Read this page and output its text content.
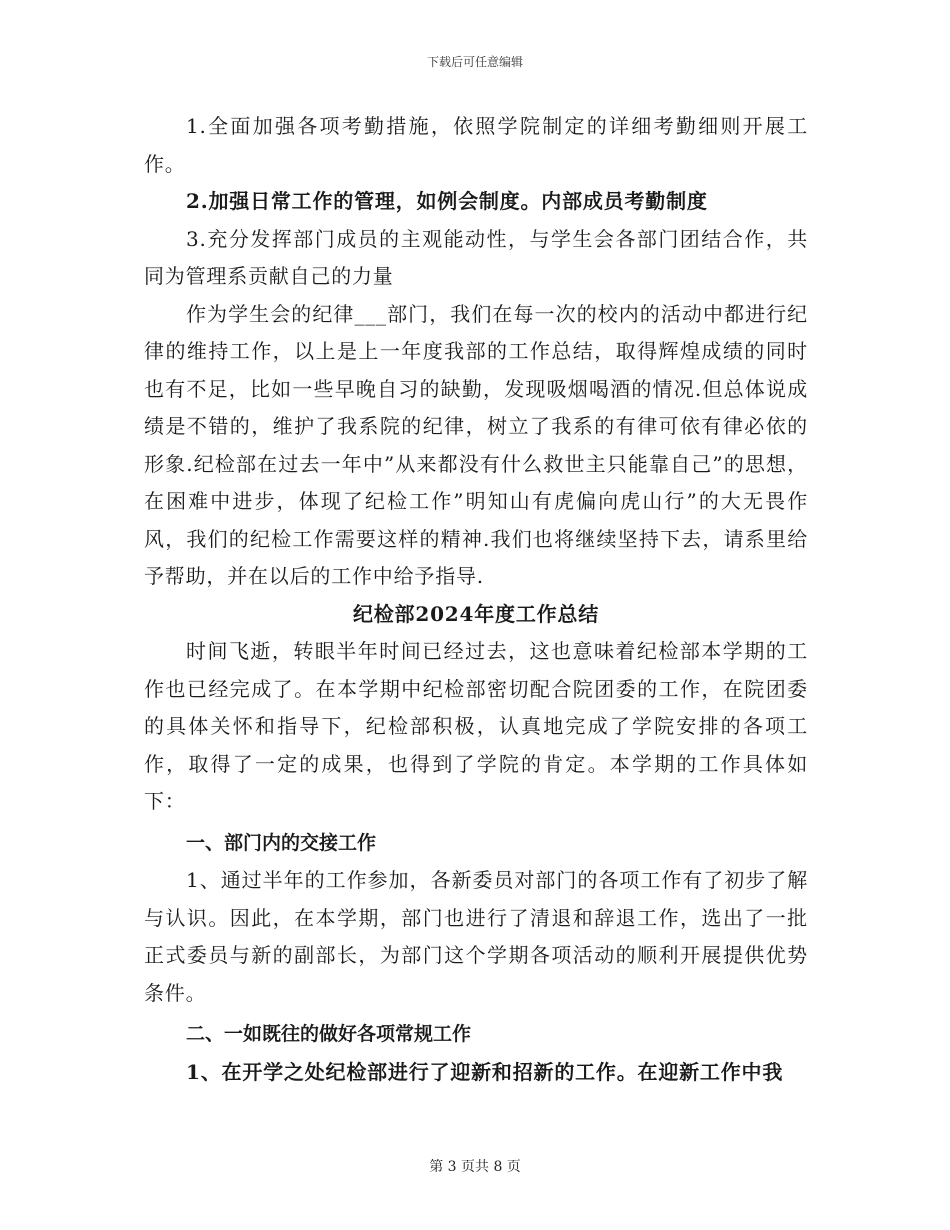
下载后可任意编辑

1.全面加强各项考勤措施，依照学院制定的详细考勤细则开展工作。

2.加强日常工作的管理，如例会制度。内部成员考勤制度

3.充分发挥部门成员的主观能动性，与学生会各部门团结合作，共同为管理系贡献自己的力量

作为学生会的纪律___部门，我们在每一次的校内的活动中都进行纪律的维持工作，以上是上一年度我部的工作总结，取得辉煌成绩的同时也有不足，比如一些早晚自习的缺勤，发现吸烟喝酒的情况.但总体说成绩是不错的，维护了我系院的纪律，树立了我系的有律可依有律必依的形象.纪检部在过去一年中”从来都没有什么救世主只能靠自己”的思想，在困难中进步，体现了纪检工作”明知山有虎偏向虎山行”的大无畏作风，我们的纪检工作需要这样的精神.我们也将继续坚持下去，请系里给予帮助，并在以后的工作中给予指导.

纪检部2024年度工作总结

时间飞逝，转眼半年时间已经过去，这也意味着纪检部本学期的工作也已经完成了。在本学期中纪检部密切配合院团委的工作，在院团委的具体关怀和指导下，纪检部积极，认真地完成了学院安排的各项工作，取得了一定的成果，也得到了学院的肯定。本学期的工作具体如下：

一、部门内的交接工作

1、通过半年的工作参加，各新委员对部门的各项工作有了初步了解与认识。因此，在本学期，部门也进行了清退和辞退工作，选出了一批正式委员与新的副部长，为部门这个学期各项活动的顺利开展提供优势条件。

二、一如既往的做好各项常规工作

1、在开学之处纪检部进行了迎新和招新的工作。在迎新工作中我

第 3 页共 8 页
